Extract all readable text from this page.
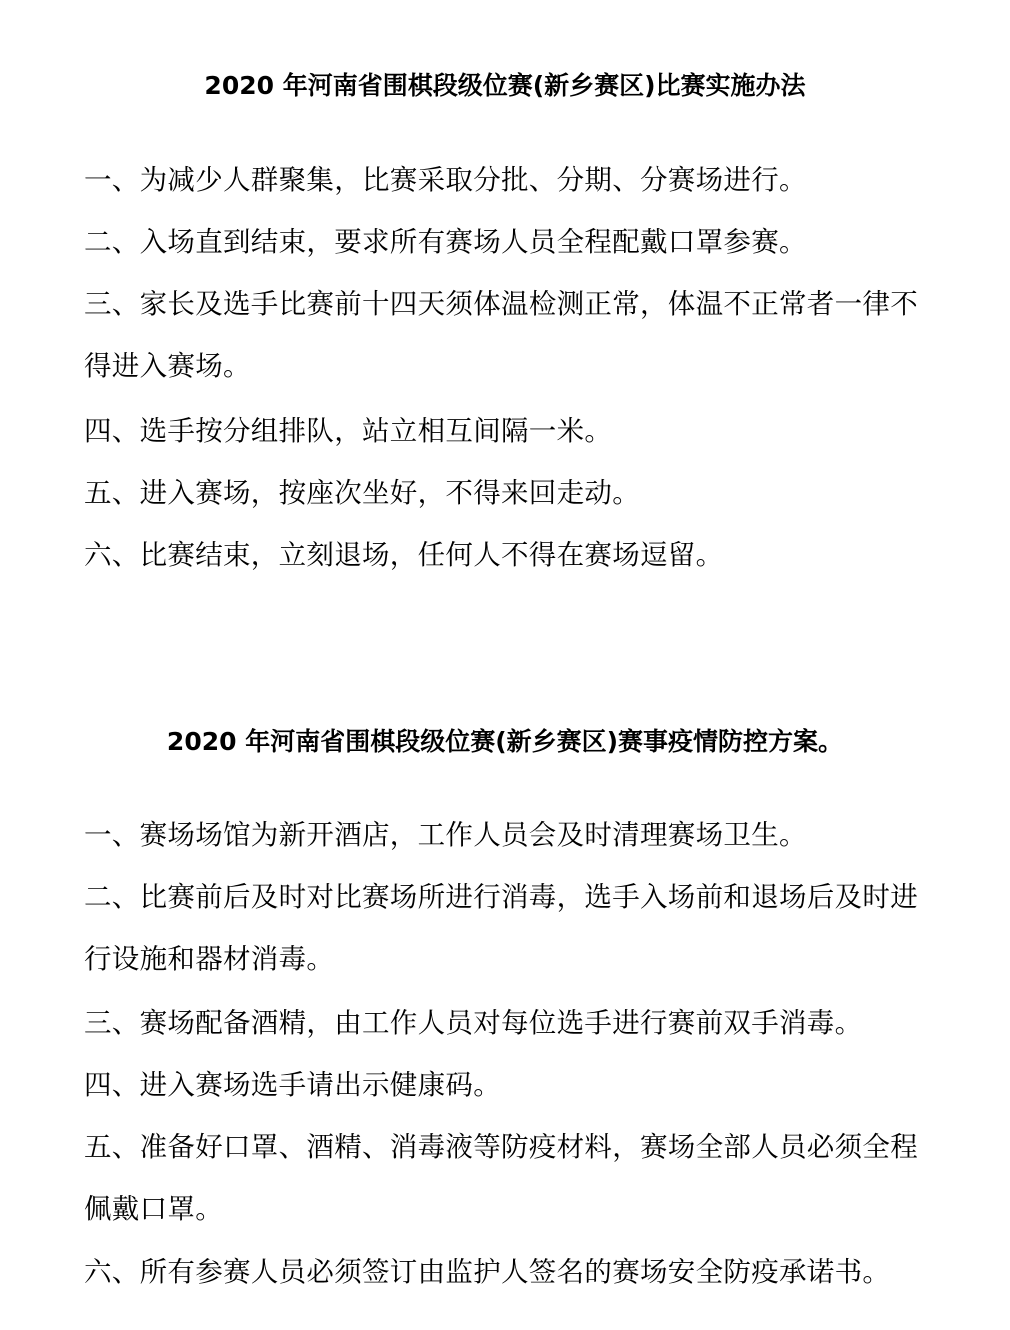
2020 年河南省围棋段级位赛(新乡赛区)比赛实施办法
一、为减少人群聚集，比赛采取分批、分期、分赛场进行。
二、入场直到结束，要求所有赛场人员全程配戴口罩参赛。
三、家长及选手比赛前十四天须体温检测正常，体温不正常者一律不
得进入赛场。
四、选手按分组排队，站立相互间隔一米。
五、进入赛场，按座次坐好，不得来回走动。
六、比赛结束，立刻退场，任何人不得在赛场逗留。
2020 年河南省围棋段级位赛(新乡赛区)赛事疫情防控方案。
一、赛场场馆为新开酒店，工作人员会及时清理赛场卫生。
二、比赛前后及时对比赛场所进行消毒，选手入场前和退场后及时进
行设施和器材消毒。
三、赛场配备酒精，由工作人员对每位选手进行赛前双手消毒。
四、进入赛场选手请出示健康码。
五、准备好口罩、酒精、消毒液等防疫材料，赛场全部人员必须全程
佩戴口罩。
六、所有参赛人员必须签订由监护人签名的赛场安全防疫承诺书。
